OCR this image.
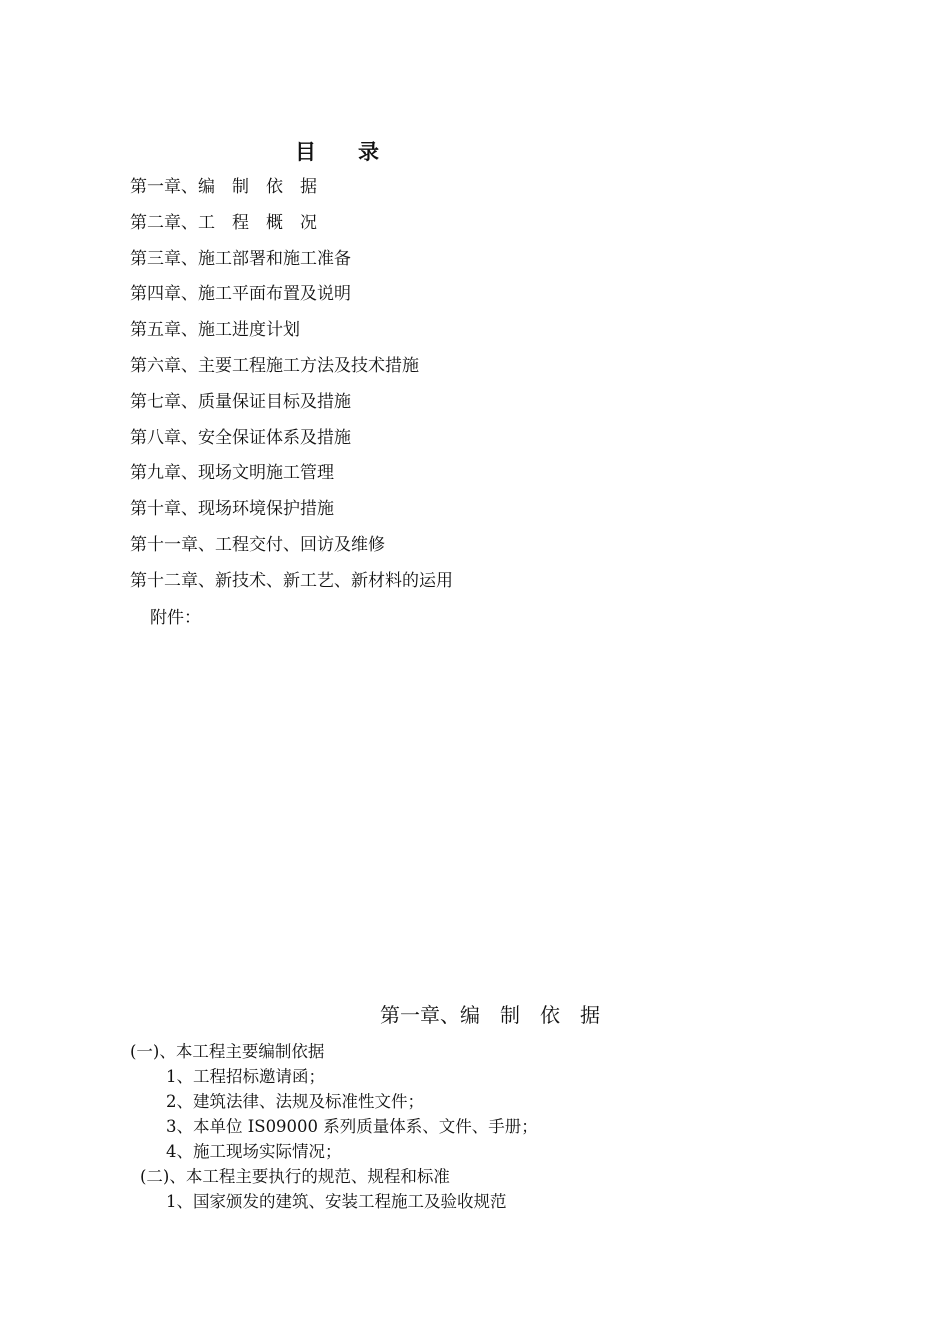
目　　录
第一章、编　制　依　据
第二章、工　程　概　况
第三章、施工部署和施工准备
第四章、施工平面布置及说明
第五章、施工进度计划
第六章、主要工程施工方法及技术措施
第七章、质量保证目标及措施
第八章、安全保证体系及措施
第九章、现场文明施工管理
第十章、现场环境保护措施
第十一章、工程交付、回访及维修
第十二章、新技术、新工艺、新材料的运用
附件：
第一章、编　制　依　据
(一)、本工程主要编制依据
1、工程招标邀请函；
2、建筑法律、法规及标准性文件；
3、本单位 IS09000 系列质量体系、文件、手册；
4、施工现场实际情况；
(二)、本工程主要执行的规范、规程和标准
1、国家颁发的建筑、安装工程施工及验收规范
